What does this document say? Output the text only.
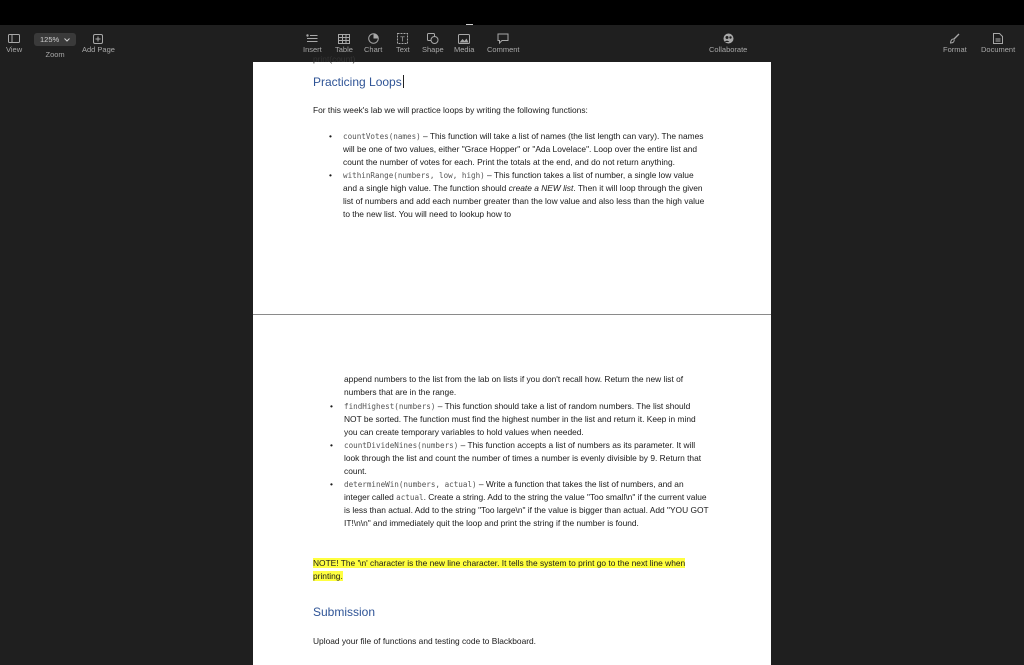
View
125%
Zoom
Add Page	Insert Table Chart
T
Text Shape Media Comment	Collaborate	Format Document
print(count)
Practicing Loops
For this week's lab we will practice loops by writing the following functions:
• countVotes(names) – This function will take a list of names (the list length can vary). The names will be one of two values, either "Grace Hopper" or "Ada Lovelace". Loop over the entire list and count the number of votes for each. Print the totals at the end, and do not return anything.
• withinRange(numbers, low, high) – This function takes a list of number, a single low value and a single high value. The function should create a NEW list. Then it will loop through the given list of numbers and add each number greater than the low value and also less than the high value to the new list. You will need to lookup how to
append numbers to the list from the lab on lists if you don't recall how. Return the new list of numbers that are in the range.
• findHighest(numbers) – This function should take a list of random numbers. The list should NOT be sorted. The function must find the highest number in the list and return it. Keep in mind you can create temporary variables to hold values when needed.
• countDivideNines(numbers) – This function accepts a list of numbers as its parameter. It will look through the list and count the number of times a number is evenly divisible by 9. Return that count.
• determineWin(numbers, actual) – Write a function that takes the list of numbers, and an integer called actual. Create a string. Add to the string the value "Too small\n" if the current value is less than actual. Add to the string "Too large\n" if the value is bigger than actual. Add "YOU GOT IT!\n\n" and immediately quit the loop and print the string if the number is found.
NOTE! The '\n' character is the new line character. It tells the system to print go to the next line when printing.
Submission
Upload your file of functions and testing code to Blackboard.
